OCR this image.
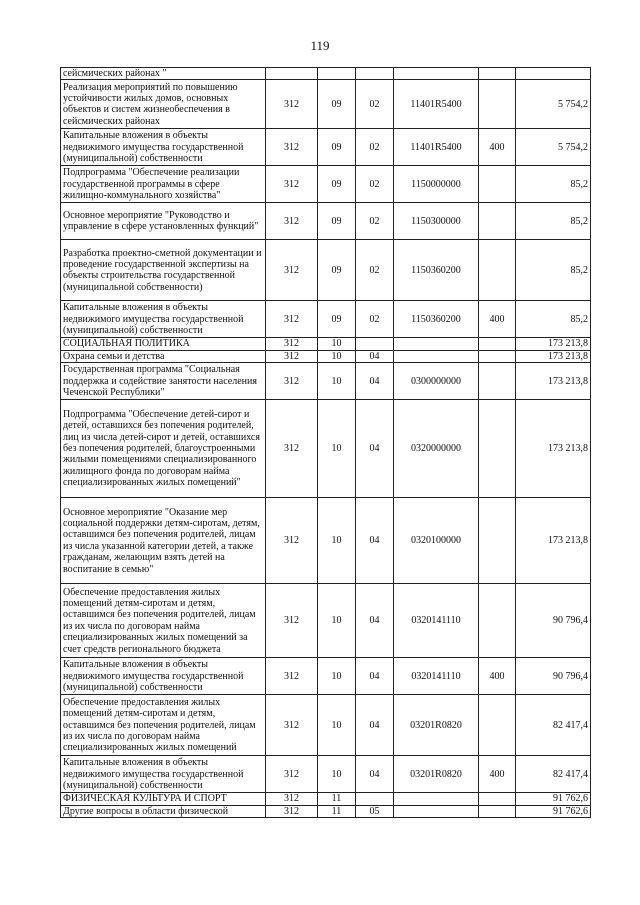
119
сейсмических районах "						
Реализация мероприятий по повышению устойчивости жилых домов, основных объектов и систем жизнеобеспечения в сейсмических районах	312	09	02	11401R5400		5 754,2
Капитальные вложения в объекты недвижимого имущества государственной (муниципальной) собственности	312	09	02	11401R5400	400	5 754,2
Подпрограмма "Обеспечение реализации государственной программы в сфере жилищно-коммунального хозяйства"	312	09	02	1150000000		85,2
Основное мероприятие "Руководство и управление в сфере установленных функций"	312	09	02	1150300000		85,2
Разработка проектно-сметной документации и проведение государственной экспертизы на объекты строительства государственной (муниципальной собственности)	312	09	02	1150360200		85,2
Капитальные вложения в объекты недвижимого имущества государственной (муниципальной) собственности	312	09	02	1150360200	400	85,2
СОЦИАЛЬНАЯ ПОЛИТИКА	312	10				173 213,8
Охрана семьи и детства	312	10	04			173 213,8
Государственная программа "Социальная поддержка и содействие занятости населения Чеченской Республики"	312	10	04	0300000000		173 213,8
Подпрограмма "Обеспечение детей-сирот и детей, оставшихся без попечения родителей, лиц из числа детей-сирот и детей, оставшихся без попечения родителей, благоустроенными жилыми помещениями специализированного жилищного фонда по договорам найма специализированных жилых помещений"	312	10	04	0320000000		173 213,8
Основное мероприятие "Оказание мер социальной поддержки детям-сиротам, детям, оставшимся без попечения родителей, лицам из числа указанной категории детей, а также гражданам, желающим взять детей на воспитание в семью"	312	10	04	0320100000		173 213,8
Обеспечение предоставления жилых помещений детям-сиротам и детям, оставшимся без попечения родителей, лицам из их числа по договорам найма специализированных жилых помещений за счет средств регионального бюджета	312	10	04	0320141110		90 796,4
Капитальные вложения в объекты недвижимого имущества государственной (муниципальной) собственности	312	10	04	0320141110	400	90 796,4
Обеспечение предоставления жилых помещений детям-сиротам и детям, оставшимся без попечения родителей, лицам из их числа по договорам найма специализированных жилых помещений	312	10	04	03201R0820		82 417,4
Капитальные вложения в объекты недвижимого имущества государственной (муниципальной) собственности	312	10	04	03201R0820	400	82 417,4
ФИЗИЧЕСКАЯ КУЛЬТУРА И СПОРТ	312	11				91 762,6
Другие вопросы в области физической	312	11	05			91 762,6
